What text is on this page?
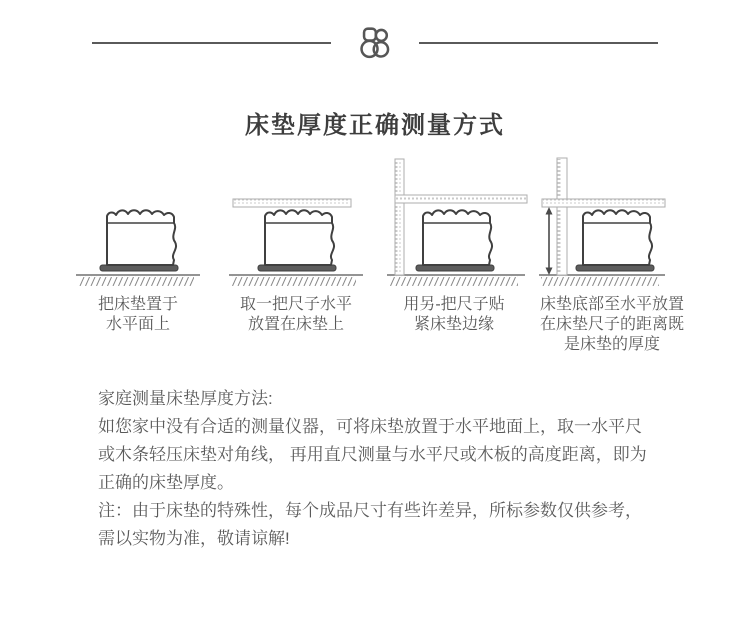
床垫厚度正确测量方式
把床垫置于
水平面上
取一把尺子水平
放置在床垫上
用另-把尺子贴
紧床垫边缘
床垫底部至水平放置
在床垫尺子的距离既
是床垫的厚度
家庭测量床垫厚度方法:
如您家中没有合适的测量仪器，可将床垫放置于水平地面上，取一水平尺
或木条轻压床垫对角线， 再用直尺测量与水平尺或木板的高度距离，即为
正确的床垫厚度。
注：由于床垫的特殊性，每个成品尺寸有些许差异，所标参数仅供参考，
需以实物为准，敬请谅解!
